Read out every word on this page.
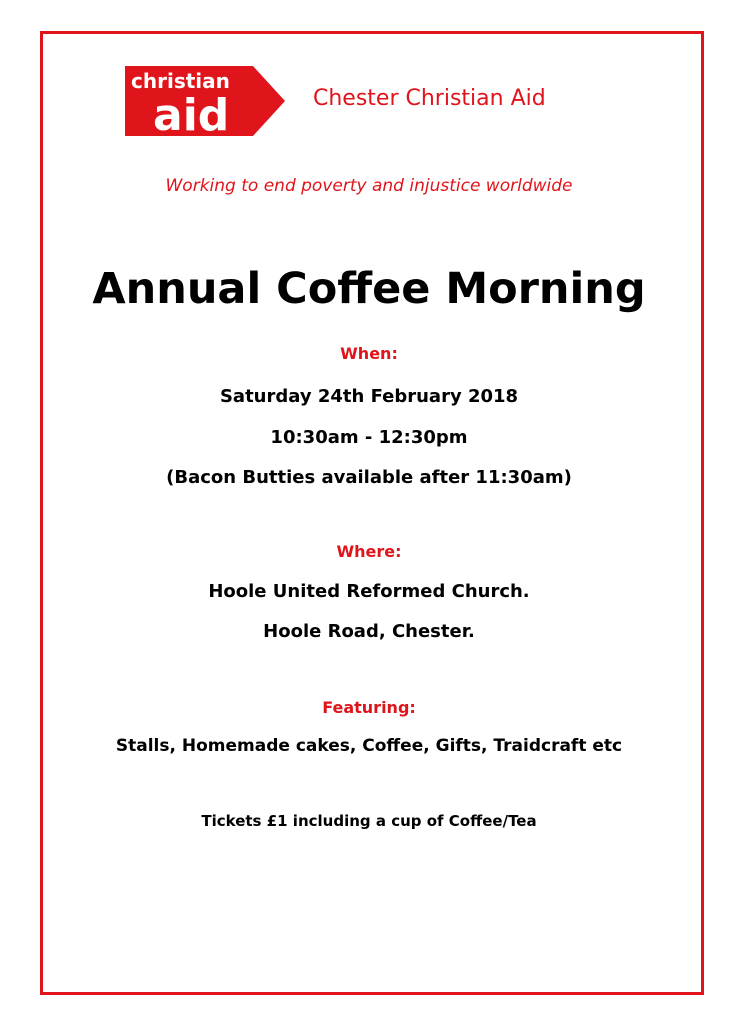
christian
aid	Chester Christian Aid
Working to end poverty and injustice worldwide
Annual Coffee Morning
When:
Saturday 24th February 2018
10:30am - 12:30pm
(Bacon Butties available after 11:30am)
Where:
Hoole United Reformed Church.
Hoole Road, Chester.
Featuring:
Stalls, Homemade cakes, Coffee, Gifts, Traidcraft etc
Tickets £1 including a cup of Coffee/Tea
